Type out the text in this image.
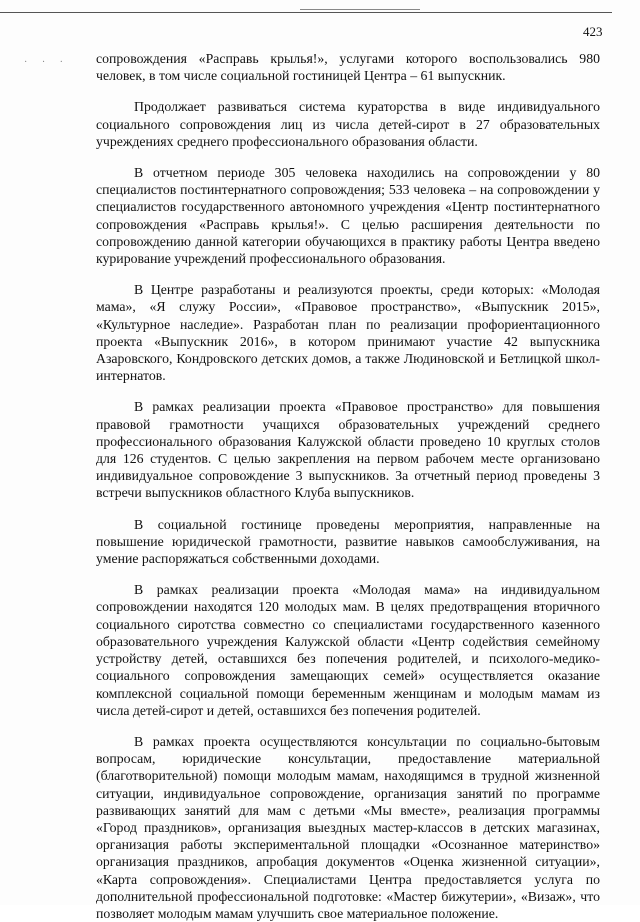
423
· · · сопровождения «Расправь крылья!», услугами которого воспользовались 980 человек, в том числе социальной гостиницей Центра – 61 выпускник.

Продолжает развиваться система кураторства в виде индивидуального социального сопровождения лиц из числа детей-сирот в 27 образовательных учреждениях среднего профессионального образования области.

В отчетном периоде 305 человека находились на сопровождении у 80 специалистов постинтернатного сопровождения; 533 человека – на сопровождении у специалистов государственного автономного учреждения «Центр постинтернатного сопровождения «Расправь крылья!». С целью расширения деятельности по сопровождению данной категории обучающихся в практику работы Центра введено курирование учреждений профессионального образования.

В Центре разработаны и реализуются проекты, среди которых: «Молодая мама», «Я служу России», «Правовое пространство», «Выпускник 2015», «Культурное наследие». Разработан план по реализации профориентационного проекта «Выпускник 2016», в котором принимают участие 42 выпускника Азаровского, Кондровского детских домов, а также Людиновской и Бетлицкой школ-интернатов.

В рамках реализации проекта «Правовое пространство» для повышения правовой грамотности учащихся образовательных учреждений среднего профессионального образования Калужской области проведено 10 круглых столов для 126 студентов. С целью закрепления на первом рабочем месте организовано индивидуальное сопровождение 3 выпускников. За отчетный период проведены 3 встречи выпускников областного Клуба выпускников.

В социальной гостинице проведены мероприятия, направленные на повышение юридической грамотности, развитие навыков самообслуживания, на умение распоряжаться собственными доходами.

В рамках реализации проекта «Молодая мама» на индивидуальном сопровождении находятся 120 молодых мам. В целях предотвращения вторичного социального сиротства совместно со специалистами государственного казенного образовательного учреждения Калужской области «Центр содействия семейному устройству детей, оставшихся без попечения родителей, и психолого-медико-социального сопровождения замещающих семей» осуществляется оказание комплексной социальной помощи беременным женщинам и молодым мамам из числа детей-сирот и детей, оставшихся без попечения родителей.

В рамках проекта осуществляются консультации по социально-бытовым вопросам, юридические консультации, предоставление материальной (благотворительной) помощи молодым мамам, находящимся в трудной жизненной ситуации, индивидуальное сопровождение, организация занятий по программе развивающих занятий для мам с детьми «Мы вместе», реализация программы «Город праздников», организация выездных мастер-классов в детских магазинах, организация работы экспериментальной площадки «Осознанное материнство» организация праздников, апробация документов «Оценка жизненной ситуации», «Карта сопровождения». Специалистами Центра предоставляется услуга по дополнительной профессиональной подготовке: «Мастер бижутерии», «Визаж», что позволяет молодым мамам улучшить свое материальное положение.
